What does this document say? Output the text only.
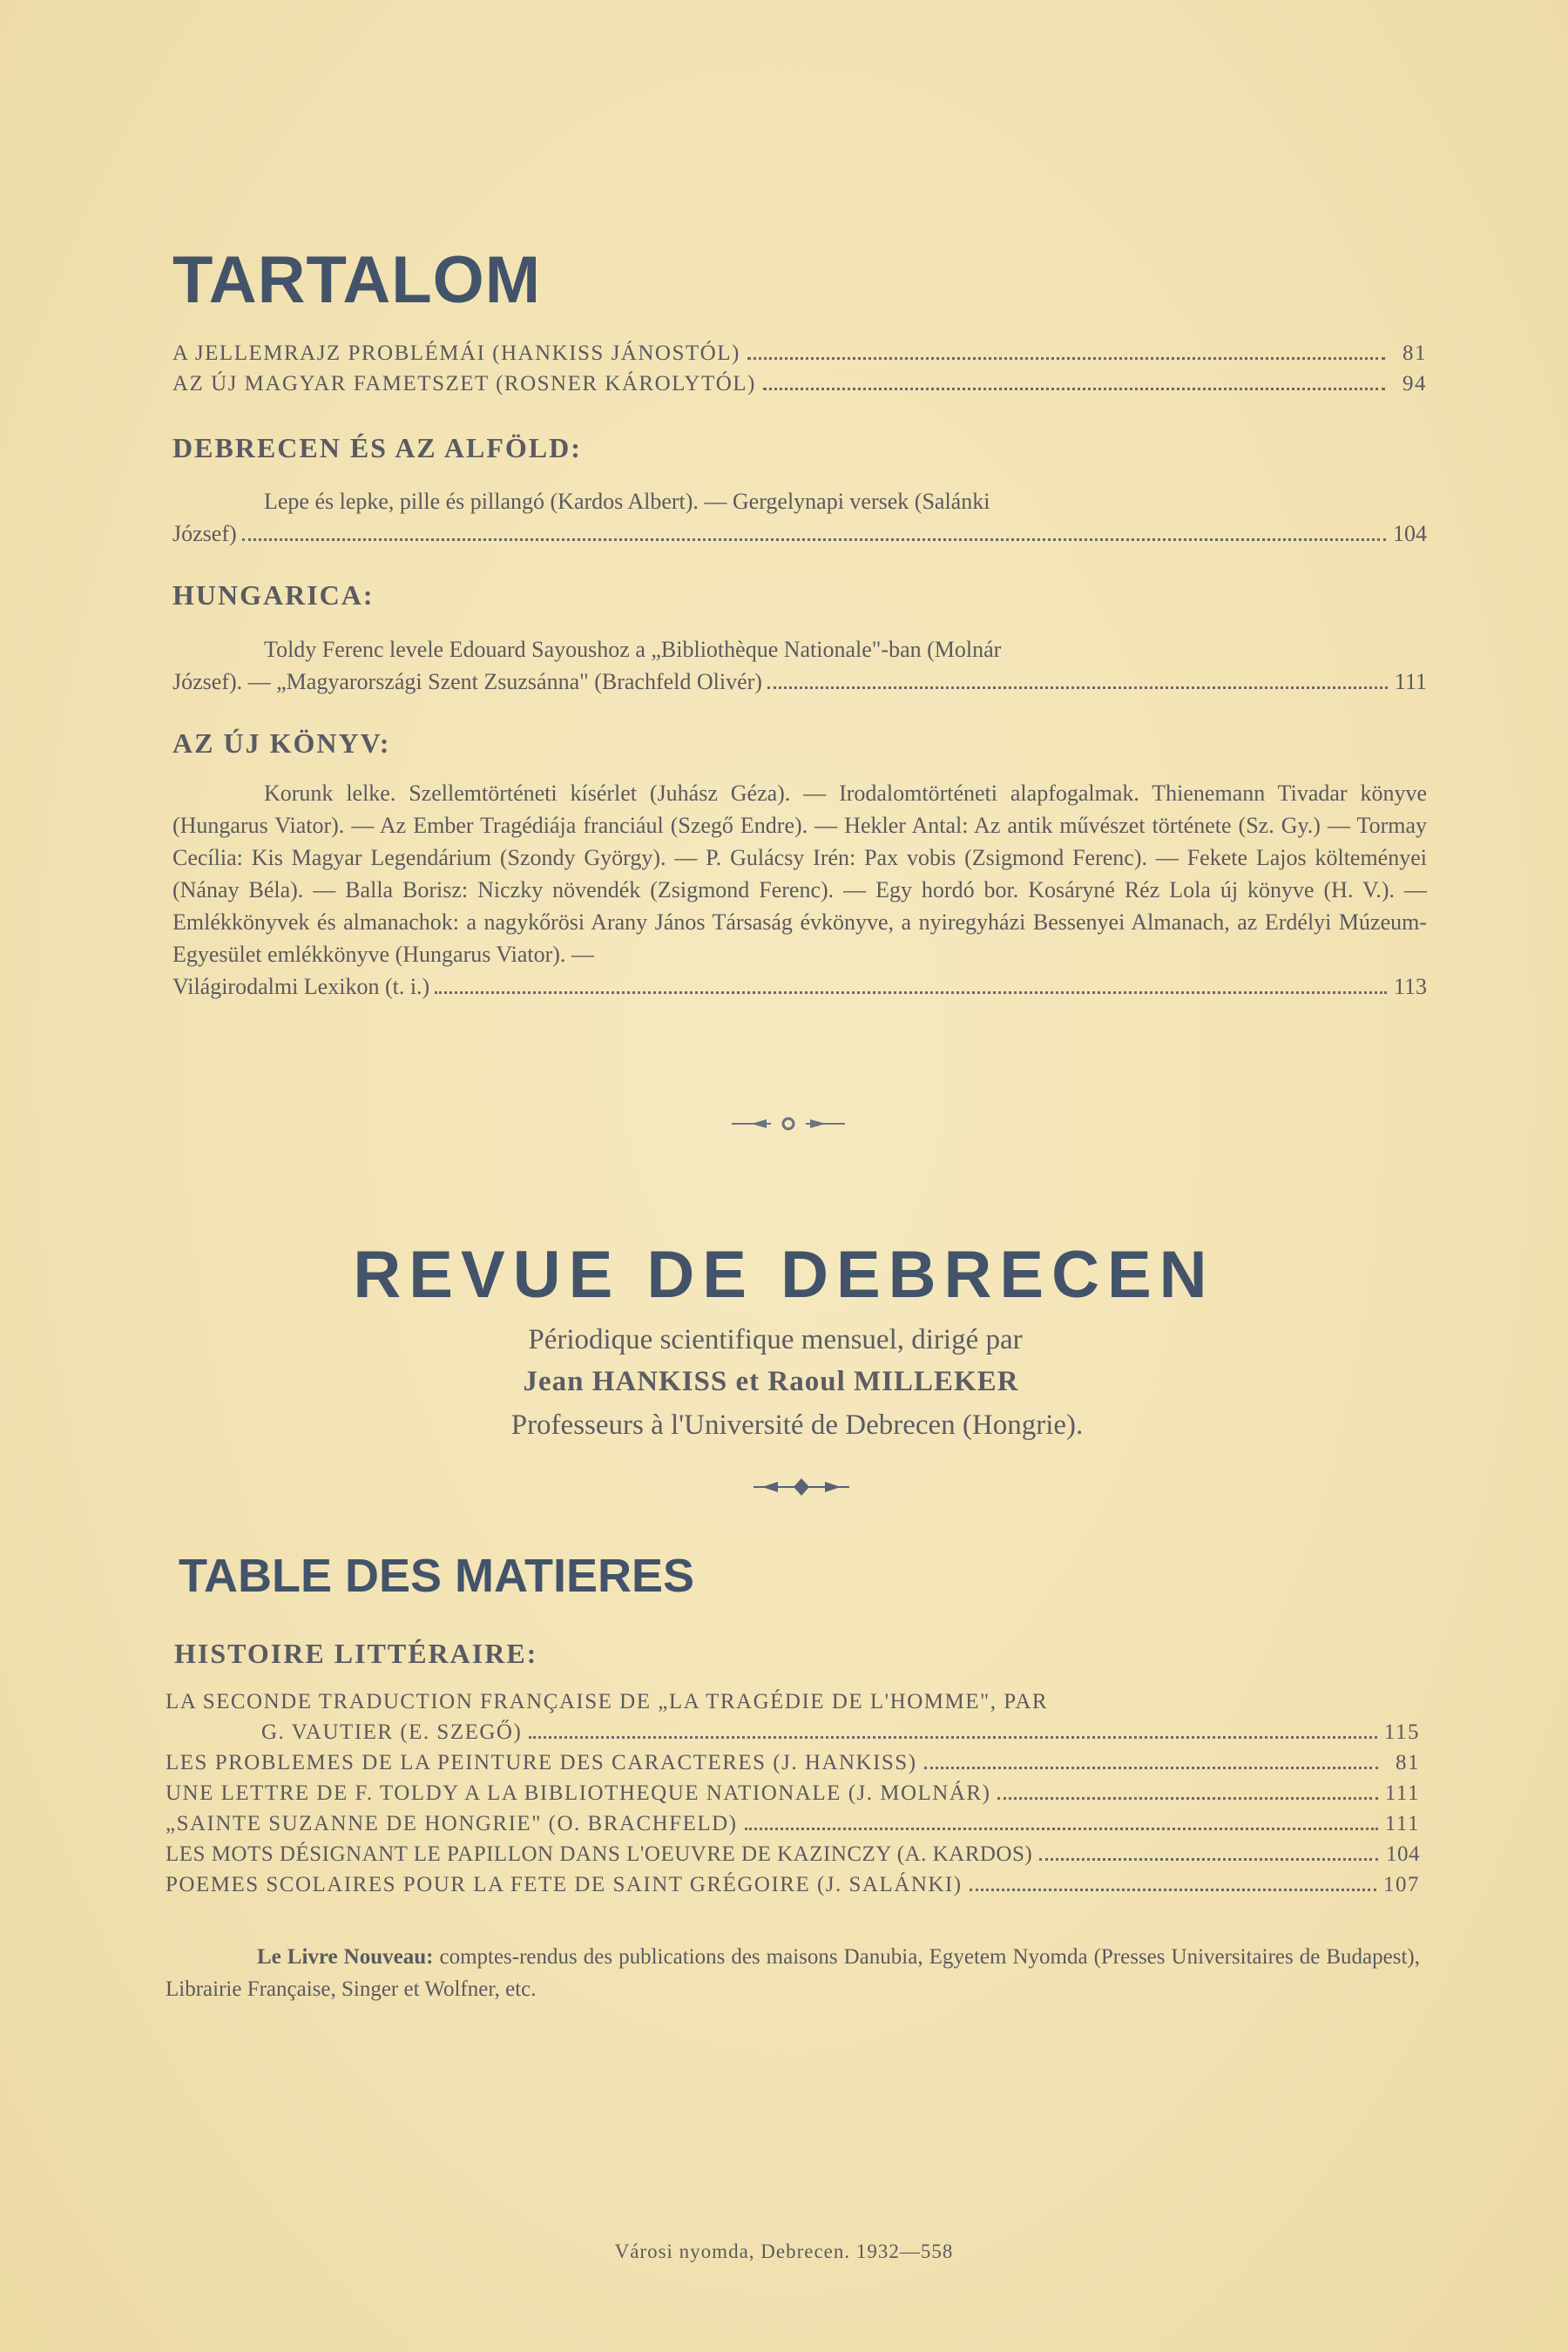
TARTALOM
A JELLEMRAJZ PROBLÉMÁI (HANKISS JÁNOSTÓL)	81
AZ ÚJ MAGYAR FAMETSZET (ROSNER KÁROLYTÓL)	94
DEBRECEN ÉS AZ ALFÖLD:
Lepe és lepke, pille és pillangó (Kardos Albert). — Gergelynapi versek (Salánki
József)	104
HUNGARICA:
Toldy Ferenc levele Edouard Sayoushoz a „Bibliothèque Nationale"-ban (Molnár
József). — „Magyarországi Szent Zsuzsánna" (Brachfeld Olivér)	111
AZ ÚJ KÖNYV:
Korunk lelke. Szellemtörténeti kísérlet (Juhász Géza). — Irodalomtörténeti alapfogalmak. Thienemann Tivadar könyve (Hungarus Viator). — Az Ember Tragédiája franciául (Szegő Endre). — Hekler Antal: Az antik művészet története (Sz. Gy.) — Tormay Cecília: Kis Magyar Legendárium (Szondy György). — P. Gulácsy Irén: Pax vobis (Zsigmond Ferenc). — Fekete Lajos költeményei (Nánay Béla). — Balla Borisz: Niczky növendék (Zsigmond Ferenc). — Egy hordó bor. Kosáryné Réz Lola új könyve (H. V.). — Emlékkönyvek és almanachok: a nagykőrösi Arany János Társaság évkönyve, a nyiregyházi Bessenyei Almanach, az Erdélyi Múzeum-Egyesület emlékkönyve (Hungarus Viator). —
Világirodalmi Lexikon (t. i.)	113
REVUE DE DEBRECEN
Périodique scientifique mensuel, dirigé par
Jean HANKISS et Raoul MILLEKER
Professeurs à l'Université de Debrecen (Hongrie).
TABLE DES MATIERES
HISTOIRE LITTÉRAIRE:
LA SECONDE TRADUCTION FRANÇAISE DE „LA TRAGÉDIE DE L'HOMME", PAR
G. VAUTIER (E. SZEGŐ)	115
LES PROBLEMES DE LA PEINTURE DES CARACTERES (J. HANKISS)	81
UNE LETTRE DE F. TOLDY A LA BIBLIOTHEQUE NATIONALE (J. MOLNÁR)	111
„SAINTE SUZANNE DE HONGRIE" (O. BRACHFELD)	111
LES MOTS DÉSIGNANT LE PAPILLON DANS L'OEUVRE DE KAZINCZY (A. KARDOS)	104
POEMES SCOLAIRES POUR LA FETE DE SAINT GRÉGOIRE (J. SALÁNKI)	107
Le Livre Nouveau: comptes-rendus des publications des maisons Danubia, Egyetem Nyomda (Presses Universitaires de Budapest), Librairie Française, Singer et Wolfner, etc.
Városi nyomda, Debrecen. 1932—558
